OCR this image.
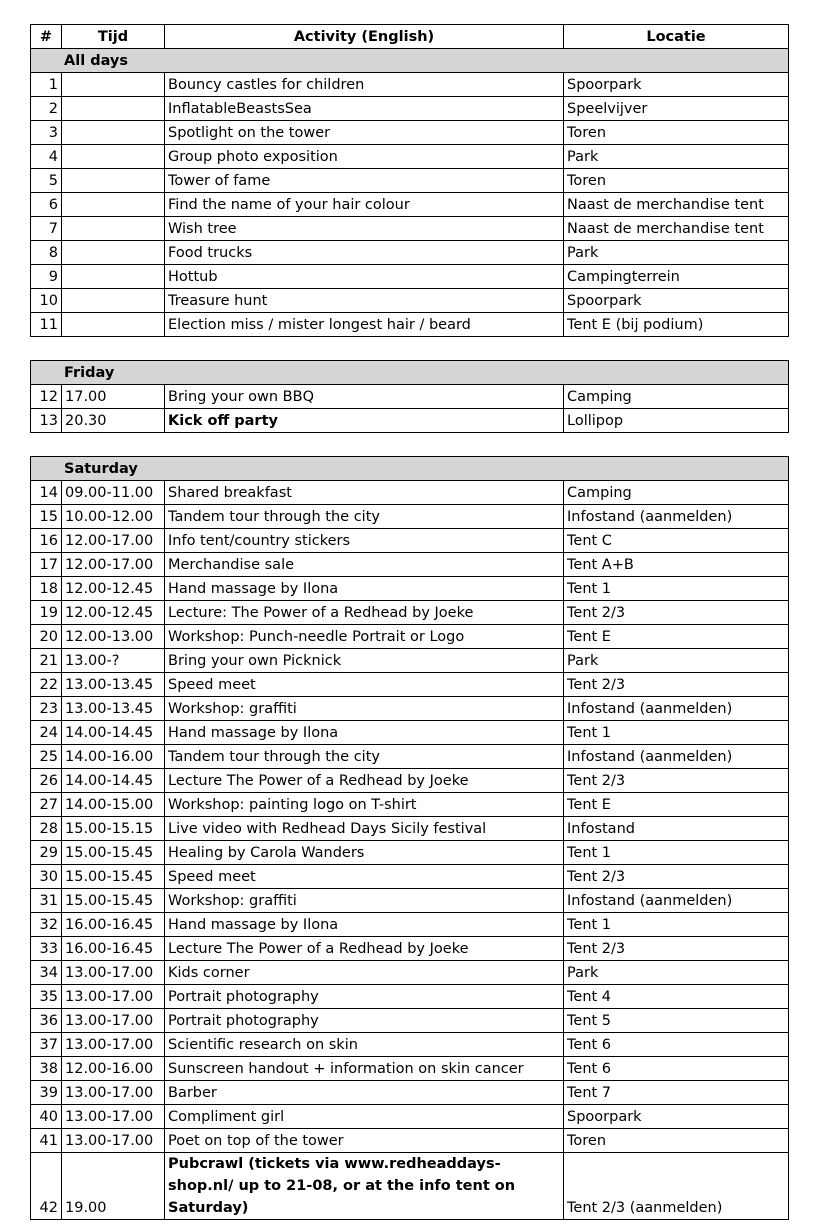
#	Tijd	Activity (English)	Locatie
All days			
1		Bouncy castles for children	Spoorpark
2		InflatableBeastsSea	Speelvijver
3		Spotlight on the tower	Toren
4		Group photo exposition	Park
5		Tower of fame	Toren
6		Find the name of your hair colour	Naast de merchandise tent
7		Wish tree	Naast de merchandise tent
8		Food trucks	Park
9		Hottub	Campingterrein
10		Treasure hunt	Spoorpark
11		Election miss / mister longest hair / beard	Tent E (bij podium)
Friday			
12	17.00	Bring your own BBQ	Camping
13	20.30	Kick off party	Lollipop
Saturday			
14	09.00-11.00	Shared breakfast	Camping
15	10.00-12.00	Tandem tour through the city	Infostand (aanmelden)
16	12.00-17.00	Info tent/country stickers	Tent C
17	12.00-17.00	Merchandise sale	Tent A+B
18	12.00-12.45	Hand massage by Ilona	Tent 1
19	12.00-12.45	Lecture: The Power of a Redhead by Joeke	Tent 2/3
20	12.00-13.00	Workshop: Punch-needle Portrait or Logo	Tent E
21	13.00-?	Bring your own Picknick	Park
22	13.00-13.45	Speed meet	Tent 2/3
23	13.00-13.45	Workshop: graffiti	Infostand (aanmelden)
24	14.00-14.45	Hand massage by Ilona	Tent 1
25	14.00-16.00	Tandem tour through the city	Infostand (aanmelden)
26	14.00-14.45	Lecture The Power of a Redhead by Joeke	Tent 2/3
27	14.00-15.00	Workshop: painting logo on T-shirt	Tent E
28	15.00-15.15	Live video with Redhead Days Sicily festival	Infostand
29	15.00-15.45	Healing by Carola Wanders	Tent 1
30	15.00-15.45	Speed meet	Tent 2/3
31	15.00-15.45	Workshop: graffiti	Infostand (aanmelden)
32	16.00-16.45	Hand massage by Ilona	Tent 1
33	16.00-16.45	Lecture The Power of a Redhead by Joeke	Tent 2/3
34	13.00-17.00	Kids corner	Park
35	13.00-17.00	Portrait photography	Tent 4
36	13.00-17.00	Portrait photography	Tent 5
37	13.00-17.00	Scientific research on skin	Tent 6
38	12.00-16.00	Sunscreen handout + information on skin cancer	Tent 6
39	13.00-17.00	Barber	Tent 7
40	13.00-17.00	Compliment girl	Spoorpark
41	13.00-17.00	Poet on top of the tower	Toren
42	19.00	Pubcrawl (tickets via www.redheaddays-shop.nl/ up to 21-08, or at the info tent on Saturday)	Tent 2/3 (aanmelden)
